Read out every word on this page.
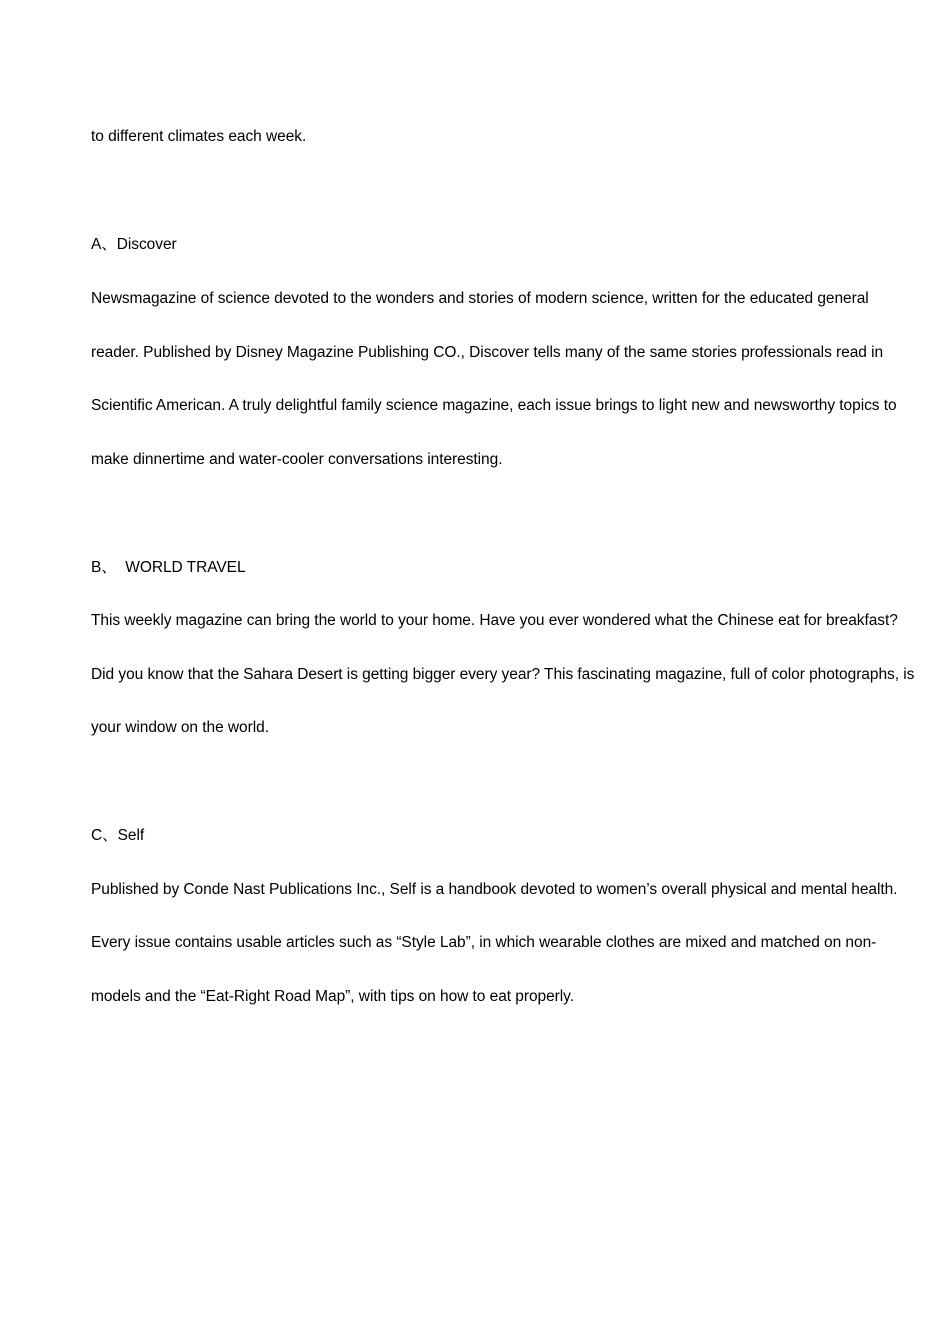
to different climates each week.
A、Discover
Newsmagazine of science devoted to the wonders and stories of modern science, written for the educated general
reader. Published by Disney Magazine Publishing CO., Discover tells many of the same stories professionals read in
Scientific American. A truly delightful family science magazine, each issue brings to light new and newsworthy topics to
make dinnertime and water-cooler conversations interesting.
B、  WORLD TRAVEL
This weekly magazine can bring the world to your home. Have you ever wondered what the Chinese eat for breakfast?
Did you know that the Sahara Desert is getting bigger every year? This fascinating magazine, full of color photographs, is
your window on the world.
C、Self
Published by Conde Nast Publications Inc., Self is a handbook devoted to women’s overall physical and mental health.
Every issue contains usable articles such as “Style Lab”, in which wearable clothes are mixed and matched on non-
models and the “Eat-Right Road Map”, with tips on how to eat properly.
